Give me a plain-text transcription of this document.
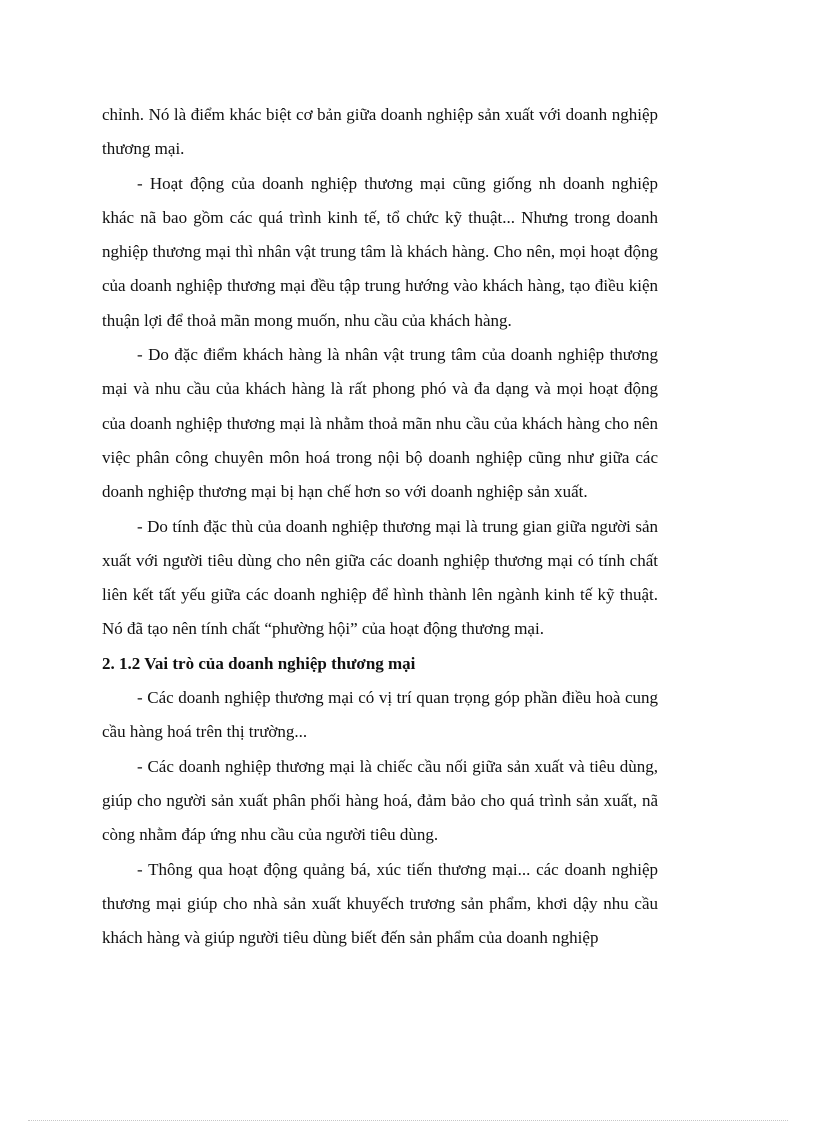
chỉnh. Nó là điểm khác biệt cơ bản giữa doanh nghiệp sản xuất với doanh nghiệp thương mại.

- Hoạt động của doanh nghiệp thương mại cũng giống nh doanh nghiệp khác nã bao gồm các quá trình kinh tế, tổ chức kỹ thuật... Nhưng trong doanh nghiệp thương mại thì nhân vật trung tâm là khách hàng. Cho nên, mọi hoạt động của doanh nghiệp thương mại đều tập trung hướng vào khách hàng, tạo điều kiện thuận lợi để thoả mãn mong muốn, nhu cầu của khách hàng.

- Do đặc điểm khách hàng là nhân vật trung tâm của doanh nghiệp thương mại và nhu cầu của khách hàng là rất phong phó và đa dạng và mọi hoạt động của doanh nghiệp thương mại là nhằm thoả mãn nhu cầu của khách hàng cho nên việc phân công chuyên môn hoá trong nội bộ doanh nghiệp cũng như giữa các doanh nghiệp thương mại bị hạn chế hơn so với doanh nghiệp sản xuất.

- Do tính đặc thù của doanh nghiệp thương mại là trung gian giữa người sản xuất với người tiêu dùng cho nên giữa các doanh nghiệp thương mại có tính chất liên kết tất yếu giữa các doanh nghiệp để hình thành lên ngành kinh tế kỹ thuật. Nó đã tạo nên tính chất “phường hội” của hoạt động thương mại.

2. 1.2 Vai trò của doanh nghiệp thương mại

- Các doanh nghiệp thương mại có vị trí quan trọng góp phần điều hoà cung cầu hàng hoá trên thị trường...

- Các doanh nghiệp thương mại là chiếc cầu nối giữa sản xuất và tiêu dùng, giúp cho người sản xuất phân phối hàng hoá, đảm bảo cho quá trình sản xuất, nã còng nhằm đáp ứng nhu cầu của người tiêu dùng.

- Thông qua hoạt động quảng bá, xúc tiến thương mại... các doanh nghiệp thương mại giúp cho nhà sản xuất khuyếch trương sản phẩm, khơi dậy nhu cầu khách hàng và giúp người tiêu dùng biết đến sản phẩm của doanh nghiệp
